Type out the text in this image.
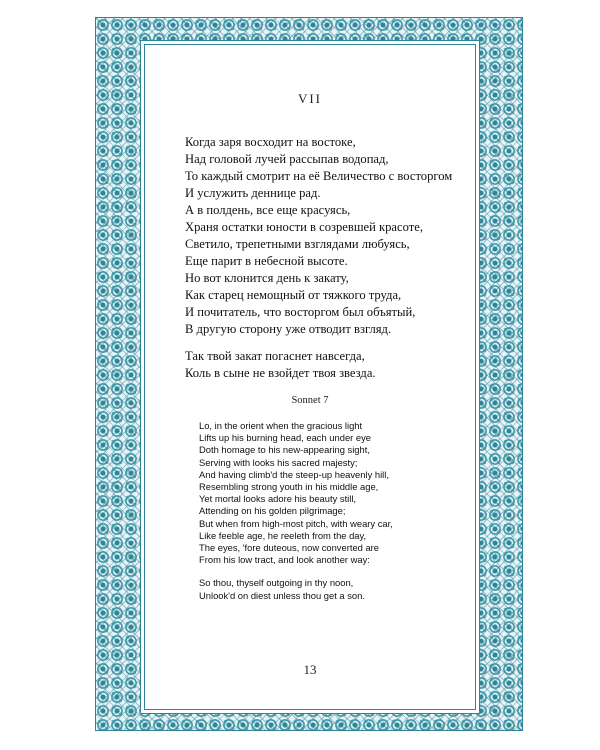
VII
Когда заря восходит на востоке,
Над головой лучей рассыпав водопад,
То каждый смотрит на её Величество с восторгом
И услужить деннице рад.
А в полдень, все еще красуясь,
Храня остатки юности в созревшей красоте,
Светило, трепетными взглядами любуясь,
Еще парит в небесной высоте.
Но вот клонится день к закату,
Как старец немощный от тяжкого труда,
И почитатель, что восторгом был объятый,
В другую сторону уже отводит взгляд.
Так твой закат погаснет навсегда,
Коль в сыне не взойдет твоя звезда.
Sonnet 7
Lo, in the orient when the gracious light
Lifts up his burning head, each under eye
Doth homage to his new-appearing sight,
Serving with looks his sacred majesty;
And having climb'd the steep-up heavenly hill,
Resembling strong youth in his middle age,
Yet mortal looks adore his beauty still,
Attending on his golden pilgrimage;
But when from high-most pitch, with weary car,
Like feeble age, he reeleth from the day,
The eyes, 'fore duteous, now converted are
From his low tract, and look another way:
So thou, thyself outgoing in thy noon,
Unlook'd on diest unless thou get a son.
13
